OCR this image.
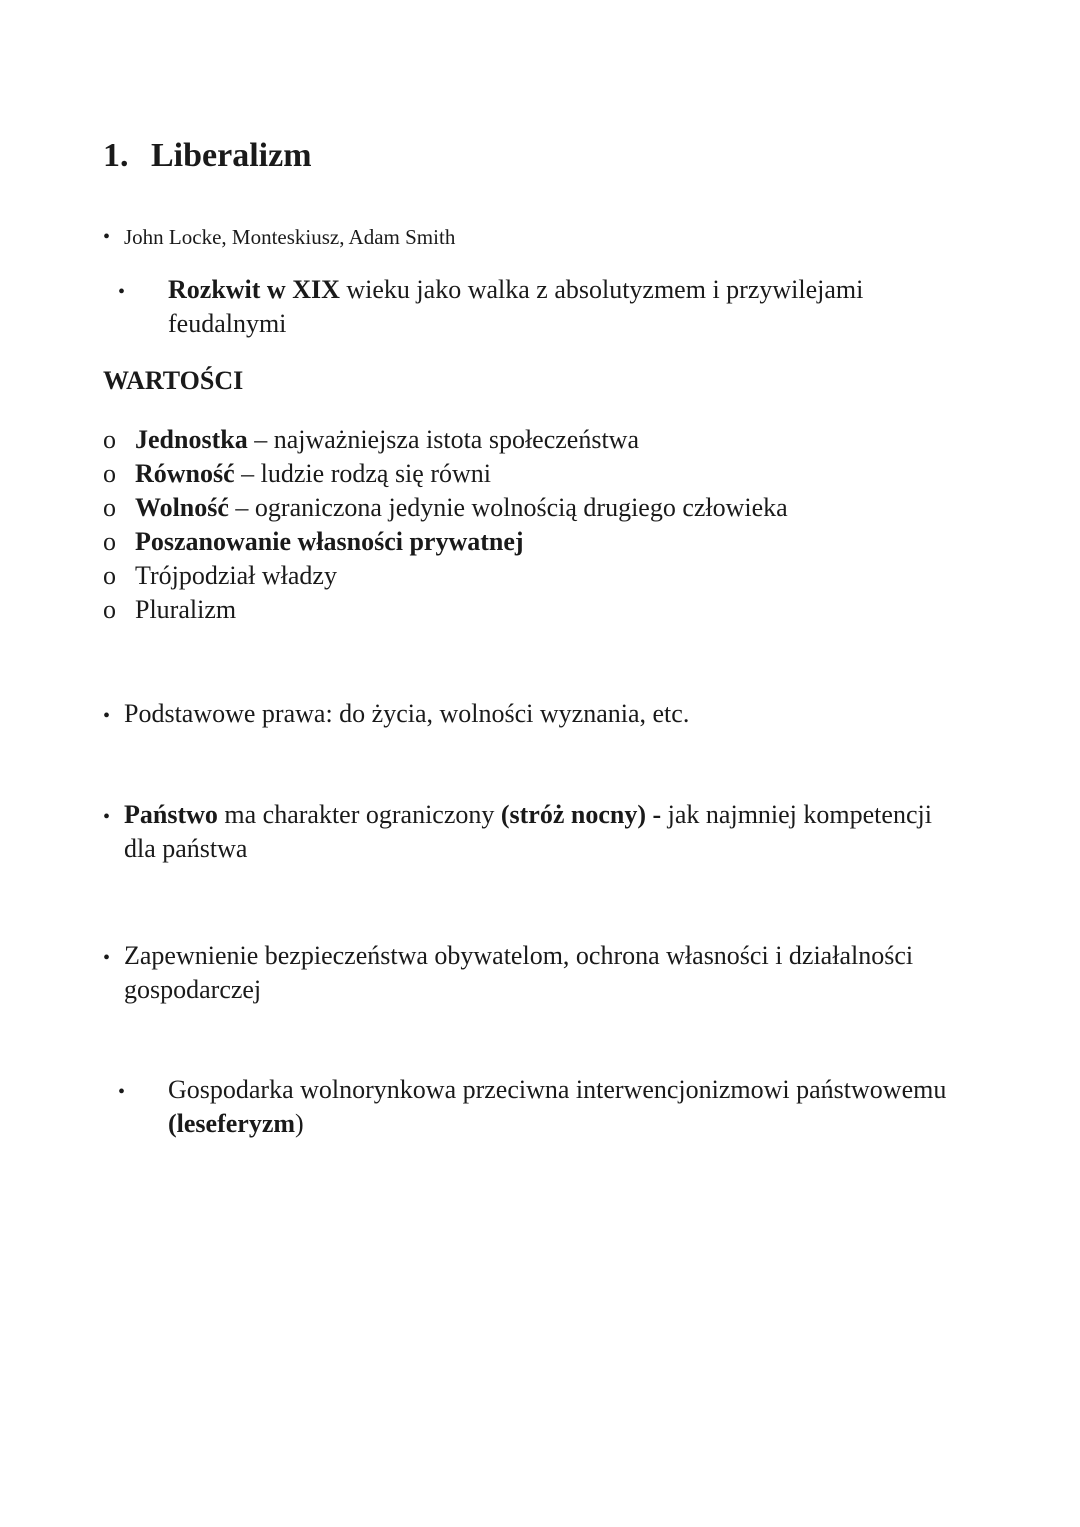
1. Liberalizm
• John Locke, Monteskiusz, Adam Smith
• Rozkwit w XIX wieku jako walka z absolutyzmem i przywilejami
feudalnymi
WARTOŚCI
o Jednostka – najważniejsza istota społeczeństwa
o Równość – ludzie rodzą się równi
o Wolność – ograniczona jedynie wolnością drugiego człowieka
o Poszanowanie własności prywatnej
o Trójpodział władzy
o Pluralizm
• Podstawowe prawa: do życia, wolności wyznania, etc.
• Państwo ma charakter ograniczony (stróż nocny) - jak najmniej kompetencji
dla państwa
• Zapewnienie bezpieczeństwa obywatelom, ochrona własności i działalności
gospodarczej
• Gospodarka wolnorynkowa przeciwna interwencjonizmowi państwowemu
(leseferyzm)
